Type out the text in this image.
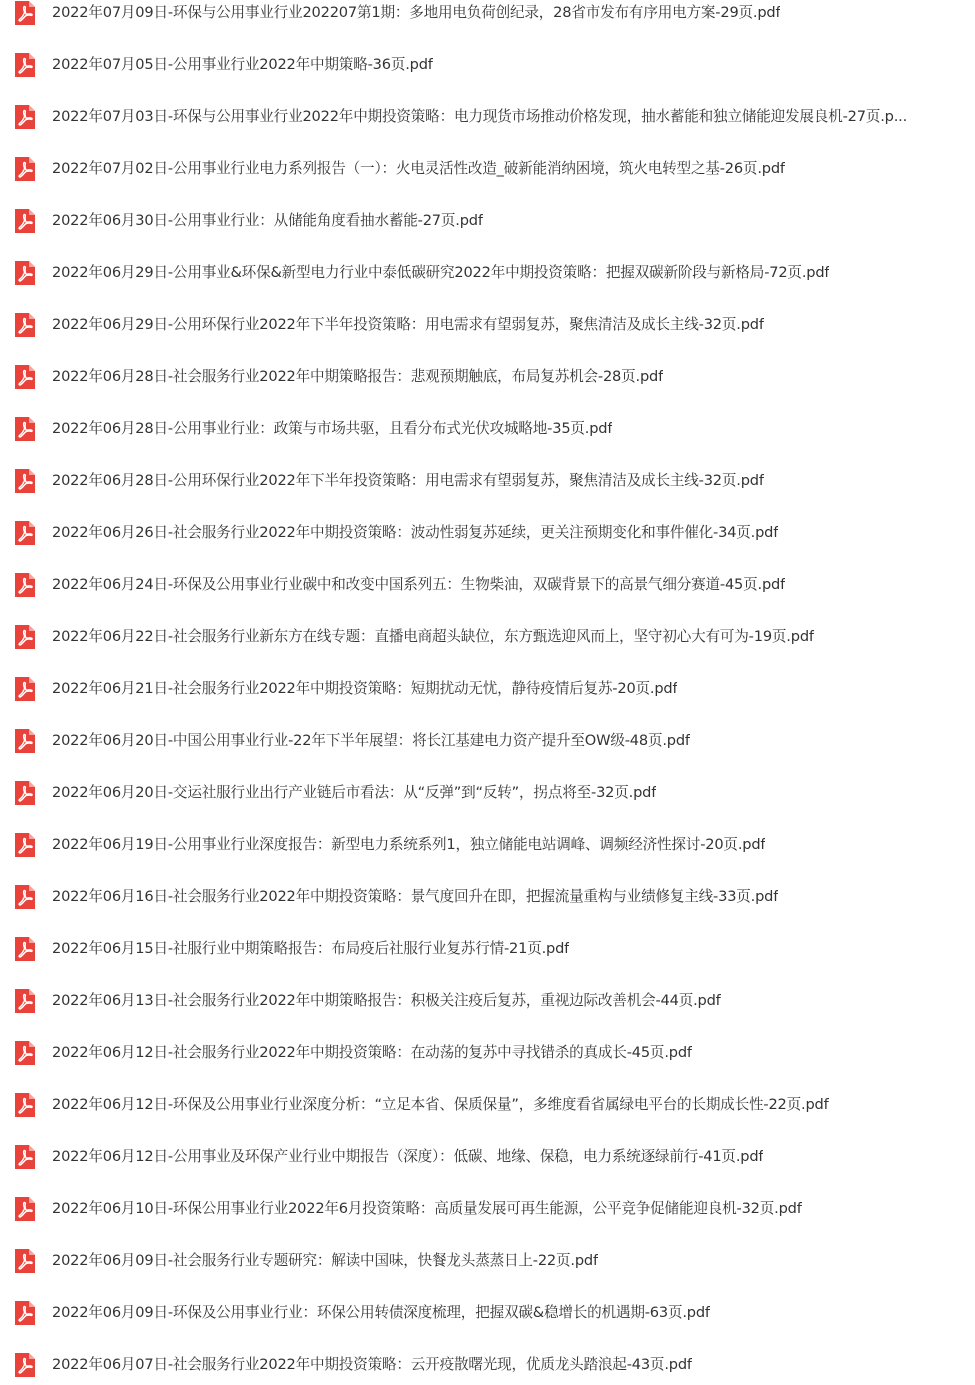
2022年07月09日-环保与公用事业行业202207第1期：多地用电负荷创纪录，28省市发布有序用电方案-29页.pdf
2022年07月05日-公用事业行业2022年中期策略-36页.pdf
2022年07月03日-环保与公用事业行业2022年中期投资策略：电力现货市场推动价格发现，抽水蓄能和独立储能迎发展良机-27页.p...
2022年07月02日-公用事业行业电力系列报告（一）：火电灵活性改造_破新能消纳困境，筑火电转型之基-26页.pdf
2022年06月30日-公用事业行业：从储能角度看抽水蓄能-27页.pdf
2022年06月29日-公用事业&环保&新型电力行业中泰低碳研究2022年中期投资策略：把握双碳新阶段与新格局-72页.pdf
2022年06月29日-公用环保行业2022年下半年投资策略：用电需求有望弱复苏，聚焦清洁及成长主线-32页.pdf
2022年06月28日-社会服务行业2022年中期策略报告：悲观预期触底，布局复苏机会-28页.pdf
2022年06月28日-公用事业行业：政策与市场共驱，且看分布式光伏攻城略地-35页.pdf
2022年06月28日-公用环保行业2022年下半年投资策略：用电需求有望弱复苏，聚焦清洁及成长主线-32页.pdf
2022年06月26日-社会服务行业2022年中期投资策略：波动性弱复苏延续，更关注预期变化和事件催化-34页.pdf
2022年06月24日-环保及公用事业行业碳中和改变中国系列五：生物柴油，双碳背景下的高景气细分赛道-45页.pdf
2022年06月22日-社会服务行业新东方在线专题：直播电商超头缺位，东方甄选迎风而上，坚守初心大有可为-19页.pdf
2022年06月21日-社会服务行业2022年中期投资策略：短期扰动无忧，静待疫情后复苏-20页.pdf
2022年06月20日-中国公用事业行业-22年下半年展望：将长江基建电力资产提升至OW级-48页.pdf
2022年06月20日-交运社服行业出行产业链后市看法：从“反弹”到“反转”，拐点将至-32页.pdf
2022年06月19日-公用事业行业深度报告：新型电力系统系列1，独立储能电站调峰、调频经济性探讨-20页.pdf
2022年06月16日-社会服务行业2022年中期投资策略：景气度回升在即，把握流量重构与业绩修复主线-33页.pdf
2022年06月15日-社服行业中期策略报告：布局疫后社服行业复苏行情-21页.pdf
2022年06月13日-社会服务行业2022年中期策略报告：积极关注疫后复苏，重视边际改善机会-44页.pdf
2022年06月12日-社会服务行业2022年中期投资策略：在动荡的复苏中寻找错杀的真成长-45页.pdf
2022年06月12日-环保及公用事业行业深度分析：“立足本省、保质保量”，多维度看省属绿电平台的长期成长性-22页.pdf
2022年06月12日-公用事业及环保产业行业中期报告（深度）：低碳、地缘、保稳，电力系统逐绿前行-41页.pdf
2022年06月10日-环保公用事业行业2022年6月投资策略：高质量发展可再生能源，公平竞争促储能迎良机-32页.pdf
2022年06月09日-社会服务行业专题研究：解读中国味，快餐龙头蒸蒸日上-22页.pdf
2022年06月09日-环保及公用事业行业：环保公用转债深度梳理，把握双碳&稳增长的机遇期-63页.pdf
2022年06月07日-社会服务行业2022年中期投资策略：云开疫散曙光现，优质龙头踏浪起-43页.pdf
